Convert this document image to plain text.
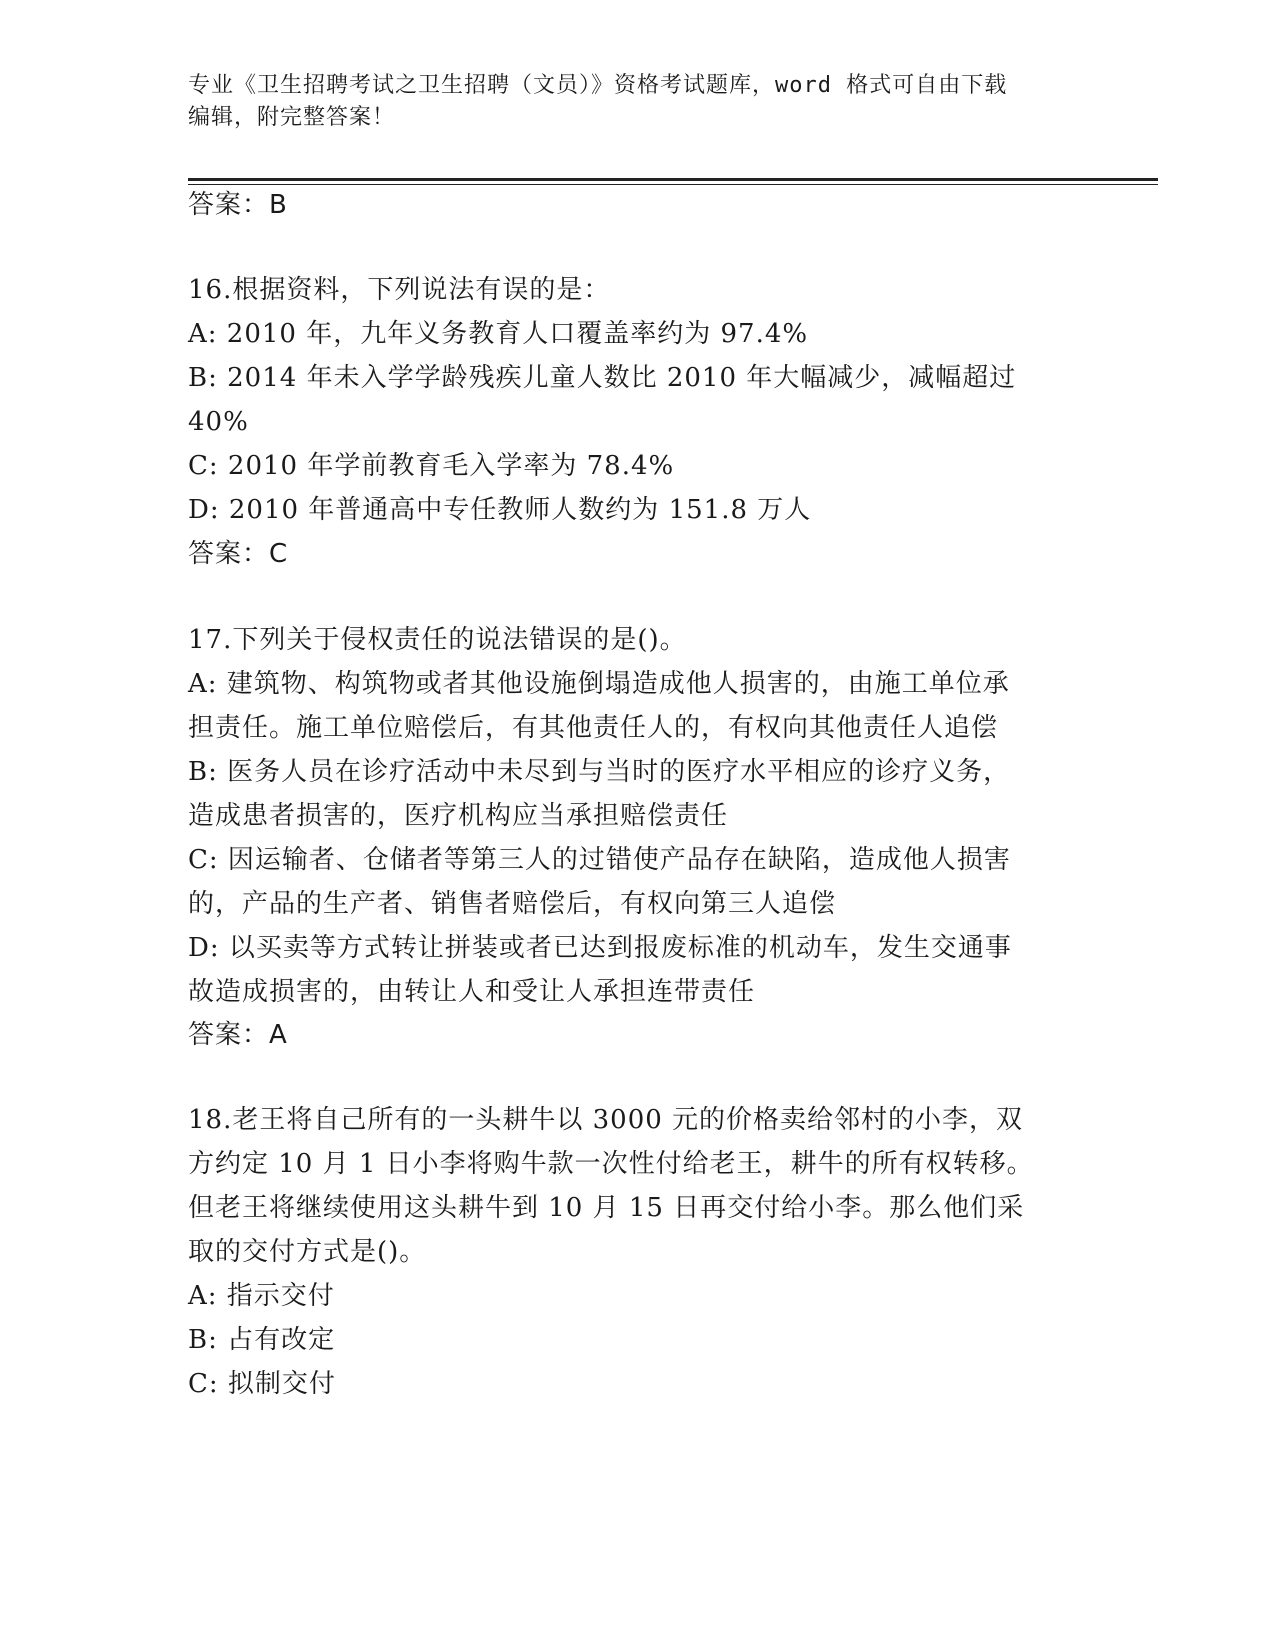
专业《卫生招聘考试之卫生招聘（文员）》资格考试题库，word 格式可自由下载
编辑，附完整答案！
答案：B
16.根据资料，下列说法有误的是：
A: 2010 年，九年义务教育人口覆盖率约为 97.4%
B: 2014 年未入学学龄残疾儿童人数比 2010 年大幅减少，减幅超过
40%
C: 2010 年学前教育毛入学率为 78.4%
D: 2010 年普通高中专任教师人数约为 151.8 万人
答案：C
17.下列关于侵权责任的说法错误的是()。
A: 建筑物、构筑物或者其他设施倒塌造成他人损害的，由施工单位承
担责任。施工单位赔偿后，有其他责任人的，有权向其他责任人追偿
B: 医务人员在诊疗活动中未尽到与当时的医疗水平相应的诊疗义务，
造成患者损害的，医疗机构应当承担赔偿责任
C: 因运输者、仓储者等第三人的过错使产品存在缺陷，造成他人损害
的，产品的生产者、销售者赔偿后，有权向第三人追偿
D: 以买卖等方式转让拼装或者已达到报废标准的机动车，发生交通事
故造成损害的，由转让人和受让人承担连带责任
答案：A
18.老王将自己所有的一头耕牛以 3000 元的价格卖给邻村的小李，双
方约定 10 月 1 日小李将购牛款一次性付给老王，耕牛的所有权转移。
但老王将继续使用这头耕牛到 10 月 15 日再交付给小李。那么他们采
取的交付方式是()。
A: 指示交付
B: 占有改定
C: 拟制交付
